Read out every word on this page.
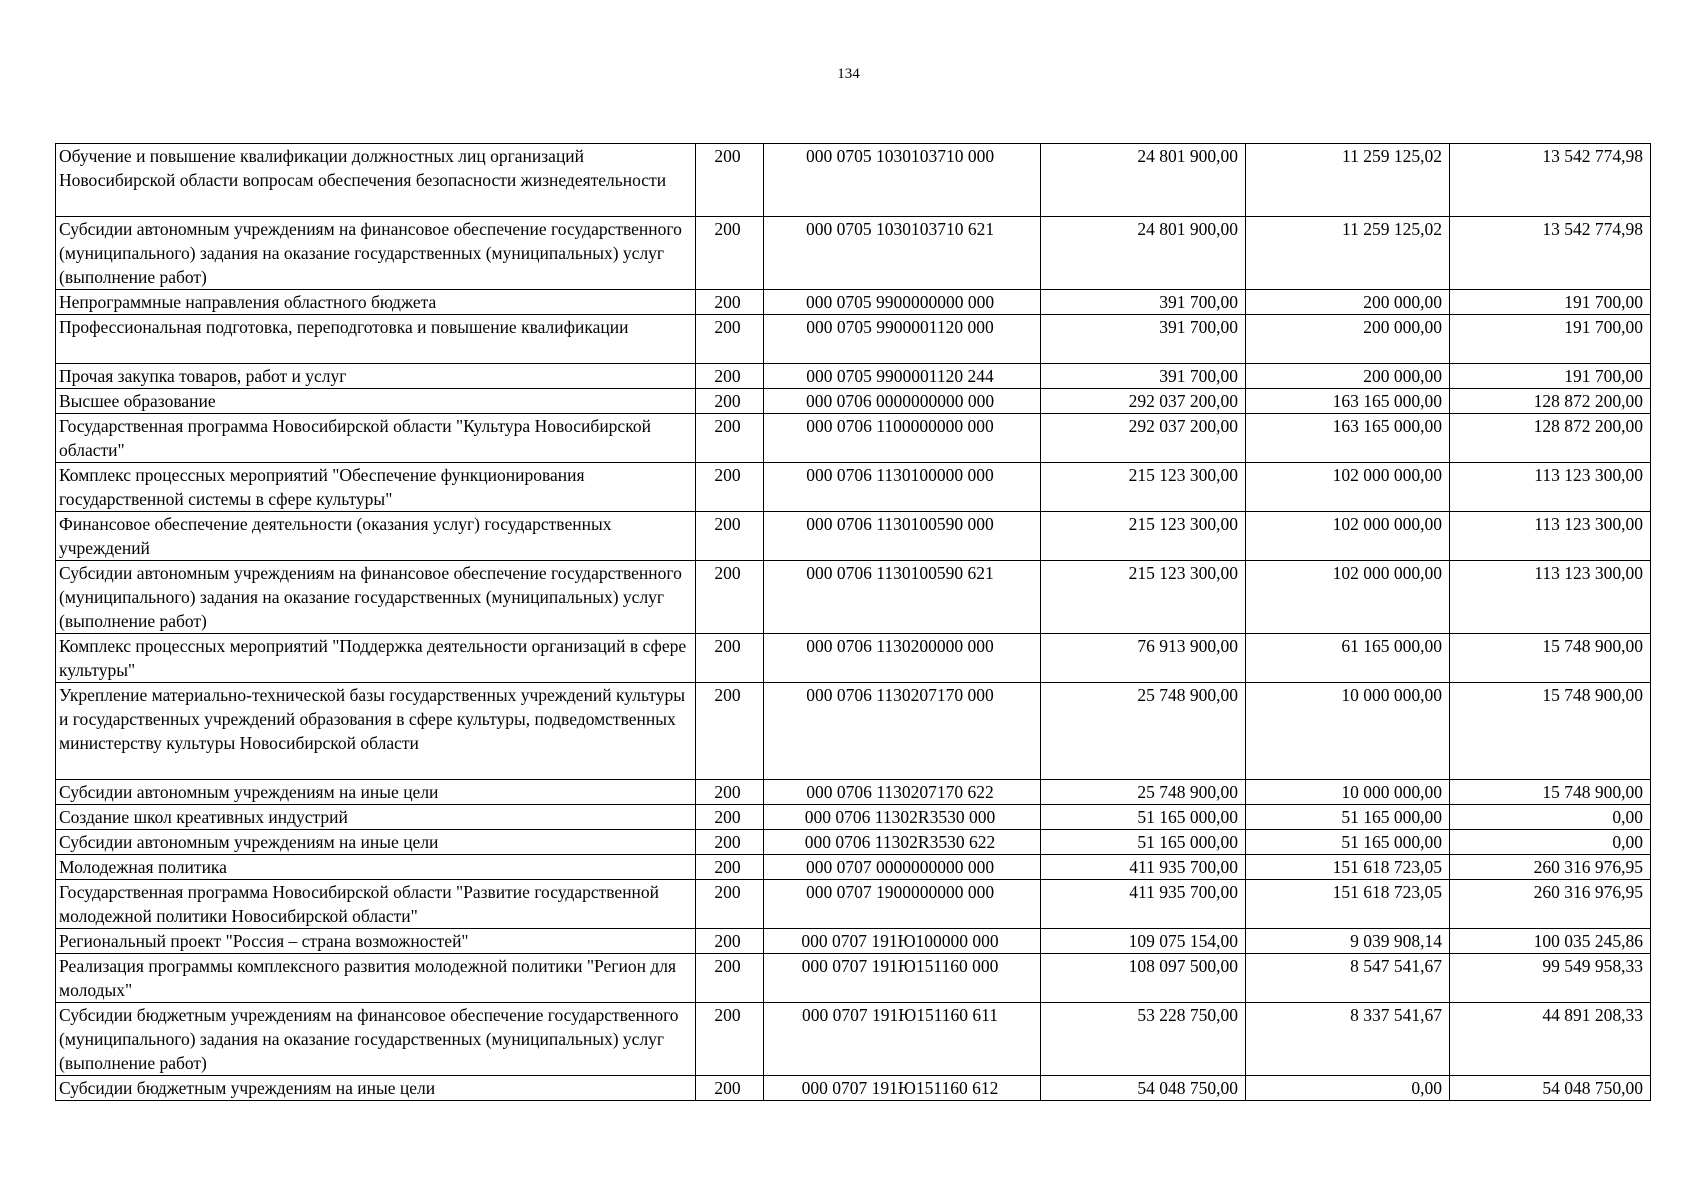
134
Обучение и повышение квалификации должностных лиц организаций Новосибирской области вопросам обеспечения безопасности жизнедеятельности	200	000 0705 1030103710 000	24 801 900,00	11 259 125,02	13 542 774,98
Субсидии автономным учреждениям на финансовое обеспечение государственного (муниципального) задания на оказание государственных (муниципальных) услуг (выполнение работ)	200	000 0705 1030103710 621	24 801 900,00	11 259 125,02	13 542 774,98
Непрограммные направления областного бюджета	200	000 0705 9900000000 000	391 700,00	200 000,00	191 700,00
Профессиональная подготовка, переподготовка и повышение квалификации	200	000 0705 9900001120 000	391 700,00	200 000,00	191 700,00
Прочая закупка товаров, работ и услуг	200	000 0705 9900001120 244	391 700,00	200 000,00	191 700,00
Высшее образование	200	000 0706 0000000000 000	292 037 200,00	163 165 000,00	128 872 200,00
Государственная программа Новосибирской области "Культура Новосибирской области"	200	000 0706 1100000000 000	292 037 200,00	163 165 000,00	128 872 200,00
Комплекс процессных мероприятий "Обеспечение функционирования государственной системы в сфере культуры"	200	000 0706 1130100000 000	215 123 300,00	102 000 000,00	113 123 300,00
Финансовое обеспечение деятельности (оказания услуг) государственных учреждений	200	000 0706 1130100590 000	215 123 300,00	102 000 000,00	113 123 300,00
Субсидии автономным учреждениям на финансовое обеспечение государственного (муниципального) задания на оказание государственных (муниципальных) услуг (выполнение работ)	200	000 0706 1130100590 621	215 123 300,00	102 000 000,00	113 123 300,00
Комплекс процессных мероприятий "Поддержка деятельности организаций в сфере культуры"	200	000 0706 1130200000 000	76 913 900,00	61 165 000,00	15 748 900,00
Укрепление материально-технической базы государственных учреждений культуры и государственных учреждений образования в сфере культуры, подведомственных министерству культуры Новосибирской области	200	000 0706 1130207170 000	25 748 900,00	10 000 000,00	15 748 900,00
Субсидии автономным учреждениям на иные цели	200	000 0706 1130207170 622	25 748 900,00	10 000 000,00	15 748 900,00
Создание школ креативных индустрий	200	000 0706 11302R3530 000	51 165 000,00	51 165 000,00	0,00
Субсидии автономным учреждениям на иные цели	200	000 0706 11302R3530 622	51 165 000,00	51 165 000,00	0,00
Молодежная политика	200	000 0707 0000000000 000	411 935 700,00	151 618 723,05	260 316 976,95
Государственная программа Новосибирской области "Развитие государственной молодежной политики Новосибирской области"	200	000 0707 1900000000 000	411 935 700,00	151 618 723,05	260 316 976,95
Региональный проект "Россия – страна возможностей"	200	000 0707 191Ю100000 000	109 075 154,00	9 039 908,14	100 035 245,86
Реализация программы комплексного развития молодежной политики "Регион для молодых"	200	000 0707 191Ю151160 000	108 097 500,00	8 547 541,67	99 549 958,33
Субсидии бюджетным учреждениям на финансовое обеспечение государственного (муниципального) задания на оказание государственных (муниципальных) услуг (выполнение работ)	200	000 0707 191Ю151160 611	53 228 750,00	8 337 541,67	44 891 208,33
Субсидии бюджетным учреждениям на иные цели	200	000 0707 191Ю151160 612	54 048 750,00	0,00	54 048 750,00
